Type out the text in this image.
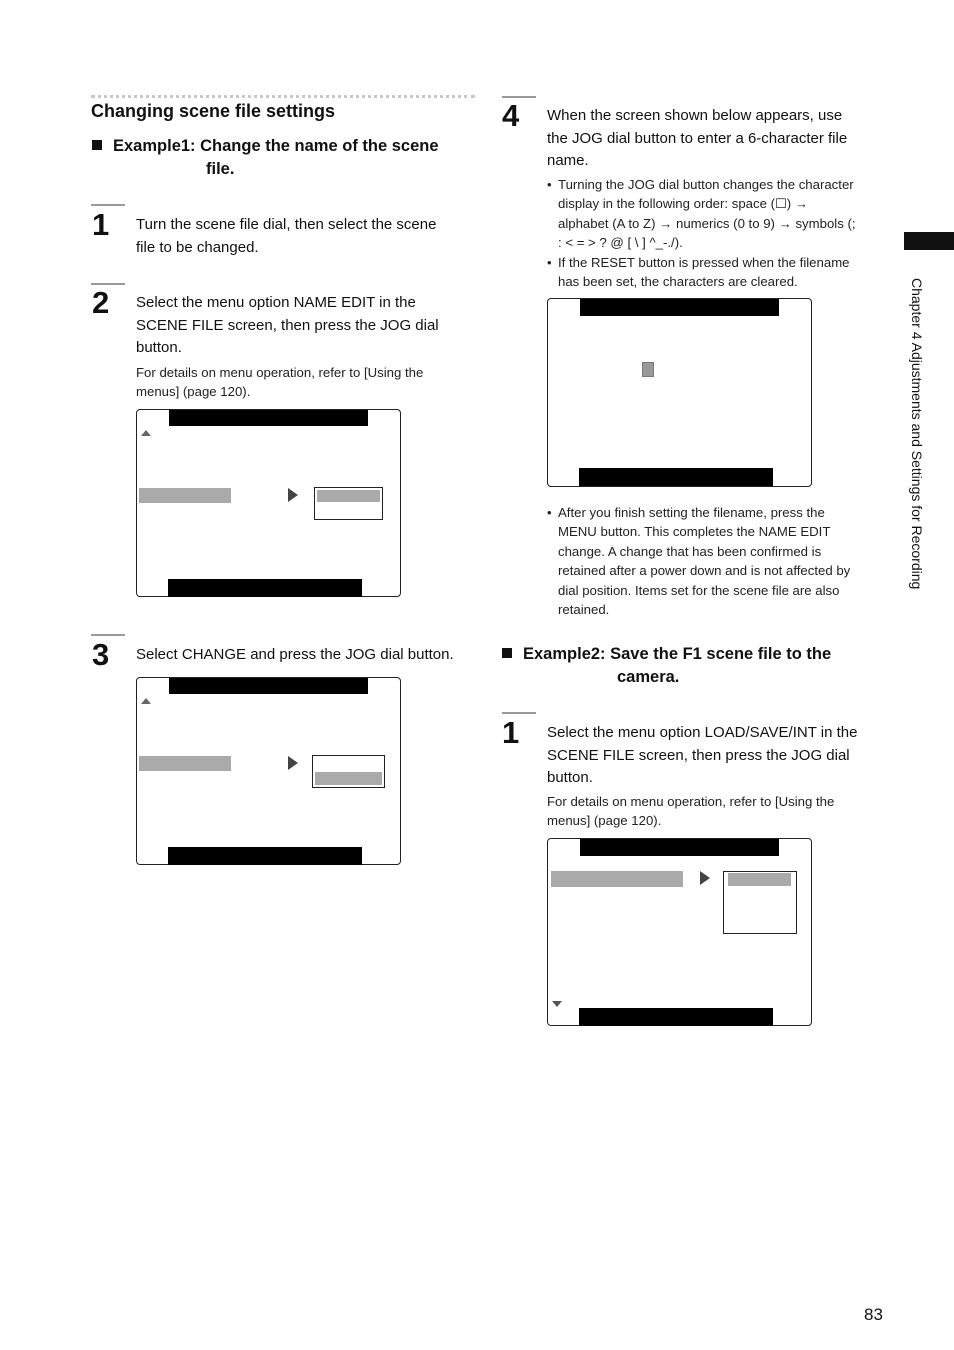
Changing scene file settings
Example1: Change the name of the scene
file.
1 Turn the scene file dial, then select the scene
file to be changed.
2 Select the menu option NAME EDIT in the
SCENE FILE screen, then press the JOG dial
button.
For details on menu operation, refer to [Using the
menus] (page 120).
3 Select CHANGE and press the JOG dial button.
4 When the screen shown below appears, use
the JOG dial button to enter a 6-character file
name.
• Turning the JOG dial button changes the character
display in the following order: space (☐) →
alphabet (A to Z) → numerics (0 to 9) → symbols (;
: < = > ? @ [ \ ] ^_-./).
• If the RESET button is pressed when the filename
has been set, the characters are cleared.
• After you finish setting the filename, press the
MENU button. This completes the NAME EDIT
change. A change that has been confirmed is
retained after a power down and is not affected by
dial position. Items set for the scene file are also
retained.
Example2: Save the F1 scene file to the
camera.
1 Select the menu option LOAD/SAVE/INT in the
SCENE FILE screen, then press the JOG dial
button.
For details on menu operation, refer to [Using the
menus] (page 120).
Chapter 4 Adjustments and Settings for Recording
83
